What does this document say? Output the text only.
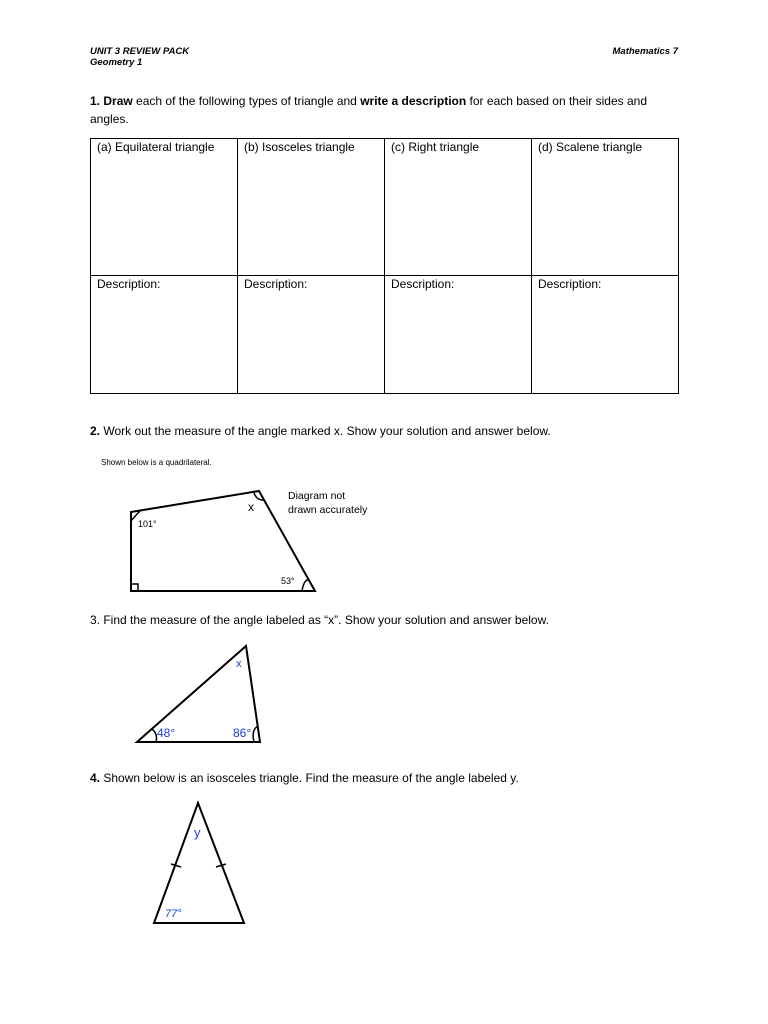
UNIT 3 REVIEW PACK
Geometry 1
Mathematics 7
1. Draw each of the following types of triangle and write a description for each based on their sides and angles.
(a) Equilateral triangle	(b) Isosceles triangle	(c) Right triangle	(d) Scalene triangle
Description:	Description:	Description:	Description:
2. Work out the measure of the angle marked x. Show your solution and answer below.
Shown below is a quadrilateral.
101°
x
53°
Diagram not
drawn accurately
3. Find the measure of the angle labeled as “x”. Show your solution and answer below.
x
48°	86°
4. Shown below is an isosceles triangle. Find the measure of the angle labeled y.
y
77°
